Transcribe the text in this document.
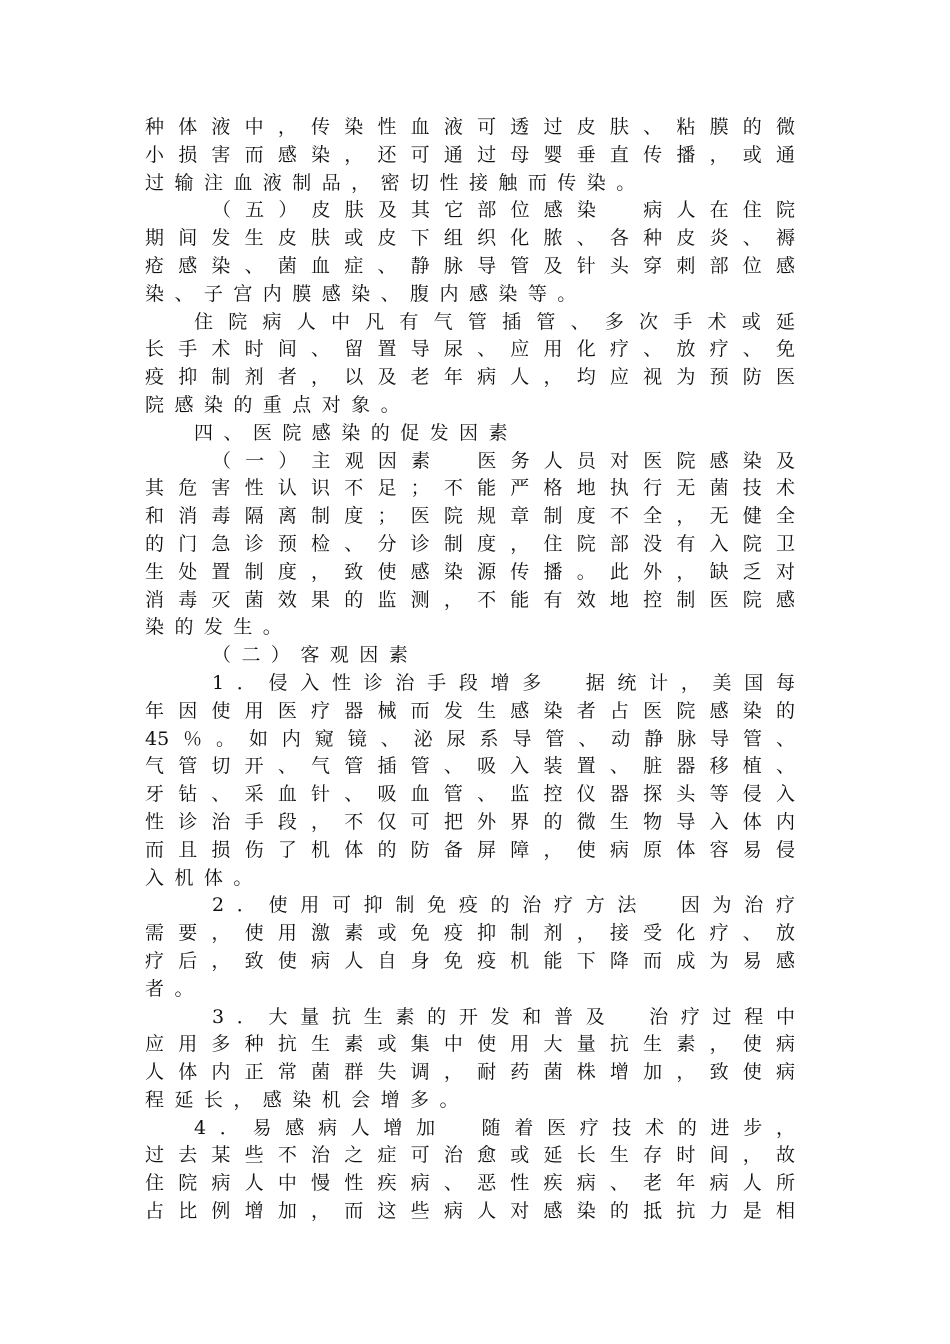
种体液中，传染性血液可透过皮肤、粘膜的微
小损害而感染，还可通过母婴垂直传播，或通
过输注血液制品，密切性接触而传染。
（五）皮肤及其它部位感染　病人在住院
期间发生皮肤或皮下组织化脓、各种皮炎、褥
疮感染、菌血症、静脉导管及针头穿刺部位感
染、子宫内膜感染、腹内感染等。
住院病人中凡有气管插管、多次手术或延
长手术时间、留置导尿、应用化疗、放疗、免
疫抑制剂者，以及老年病人，均应视为预防医
院感染的重点对象。
四、医院感染的促发因素
（一）主观因素　医务人员对医院感染及
其危害性认识不足；不能严格地执行无菌技术
和消毒隔离制度；医院规章制度不全，无健全
的门急诊预检、分诊制度，住院部没有入院卫
生处置制度，致使感染源传播。此外，缺乏对
消毒灭菌效果的监测，不能有效地控制医院感
染的发生。
（二）客观因素
1．侵入性诊治手段增多　据统计，美国每
年因使用医疗器械而发生感染者占医院感染的
45％。如内窥镜、泌尿系导管、动静脉导管、
气管切开、气管插管、吸入装置、脏器移植、
牙钻、采血针、吸血管、监控仪器探头等侵入
性诊治手段，不仅可把外界的微生物导入体内
而且损伤了机体的防备屏障，使病原体容易侵
入机体。
2．使用可抑制免疫的治疗方法　因为治疗
需要，使用激素或免疫抑制剂，接受化疗、放
疗后，致使病人自身免疫机能下降而成为易感
者。
3．大量抗生素的开发和普及　治疗过程中
应用多种抗生素或集中使用大量抗生素，使病
人体内正常菌群失调，耐药菌株增加，致使病
程延长，感染机会增多。
4．易感病人增加　随着医疗技术的进步，
过去某些不治之症可治愈或延长生存时间，故
住院病人中慢性疾病、恶性疾病、老年病人所
占比例增加，而这些病人对感染的抵抗力是相
